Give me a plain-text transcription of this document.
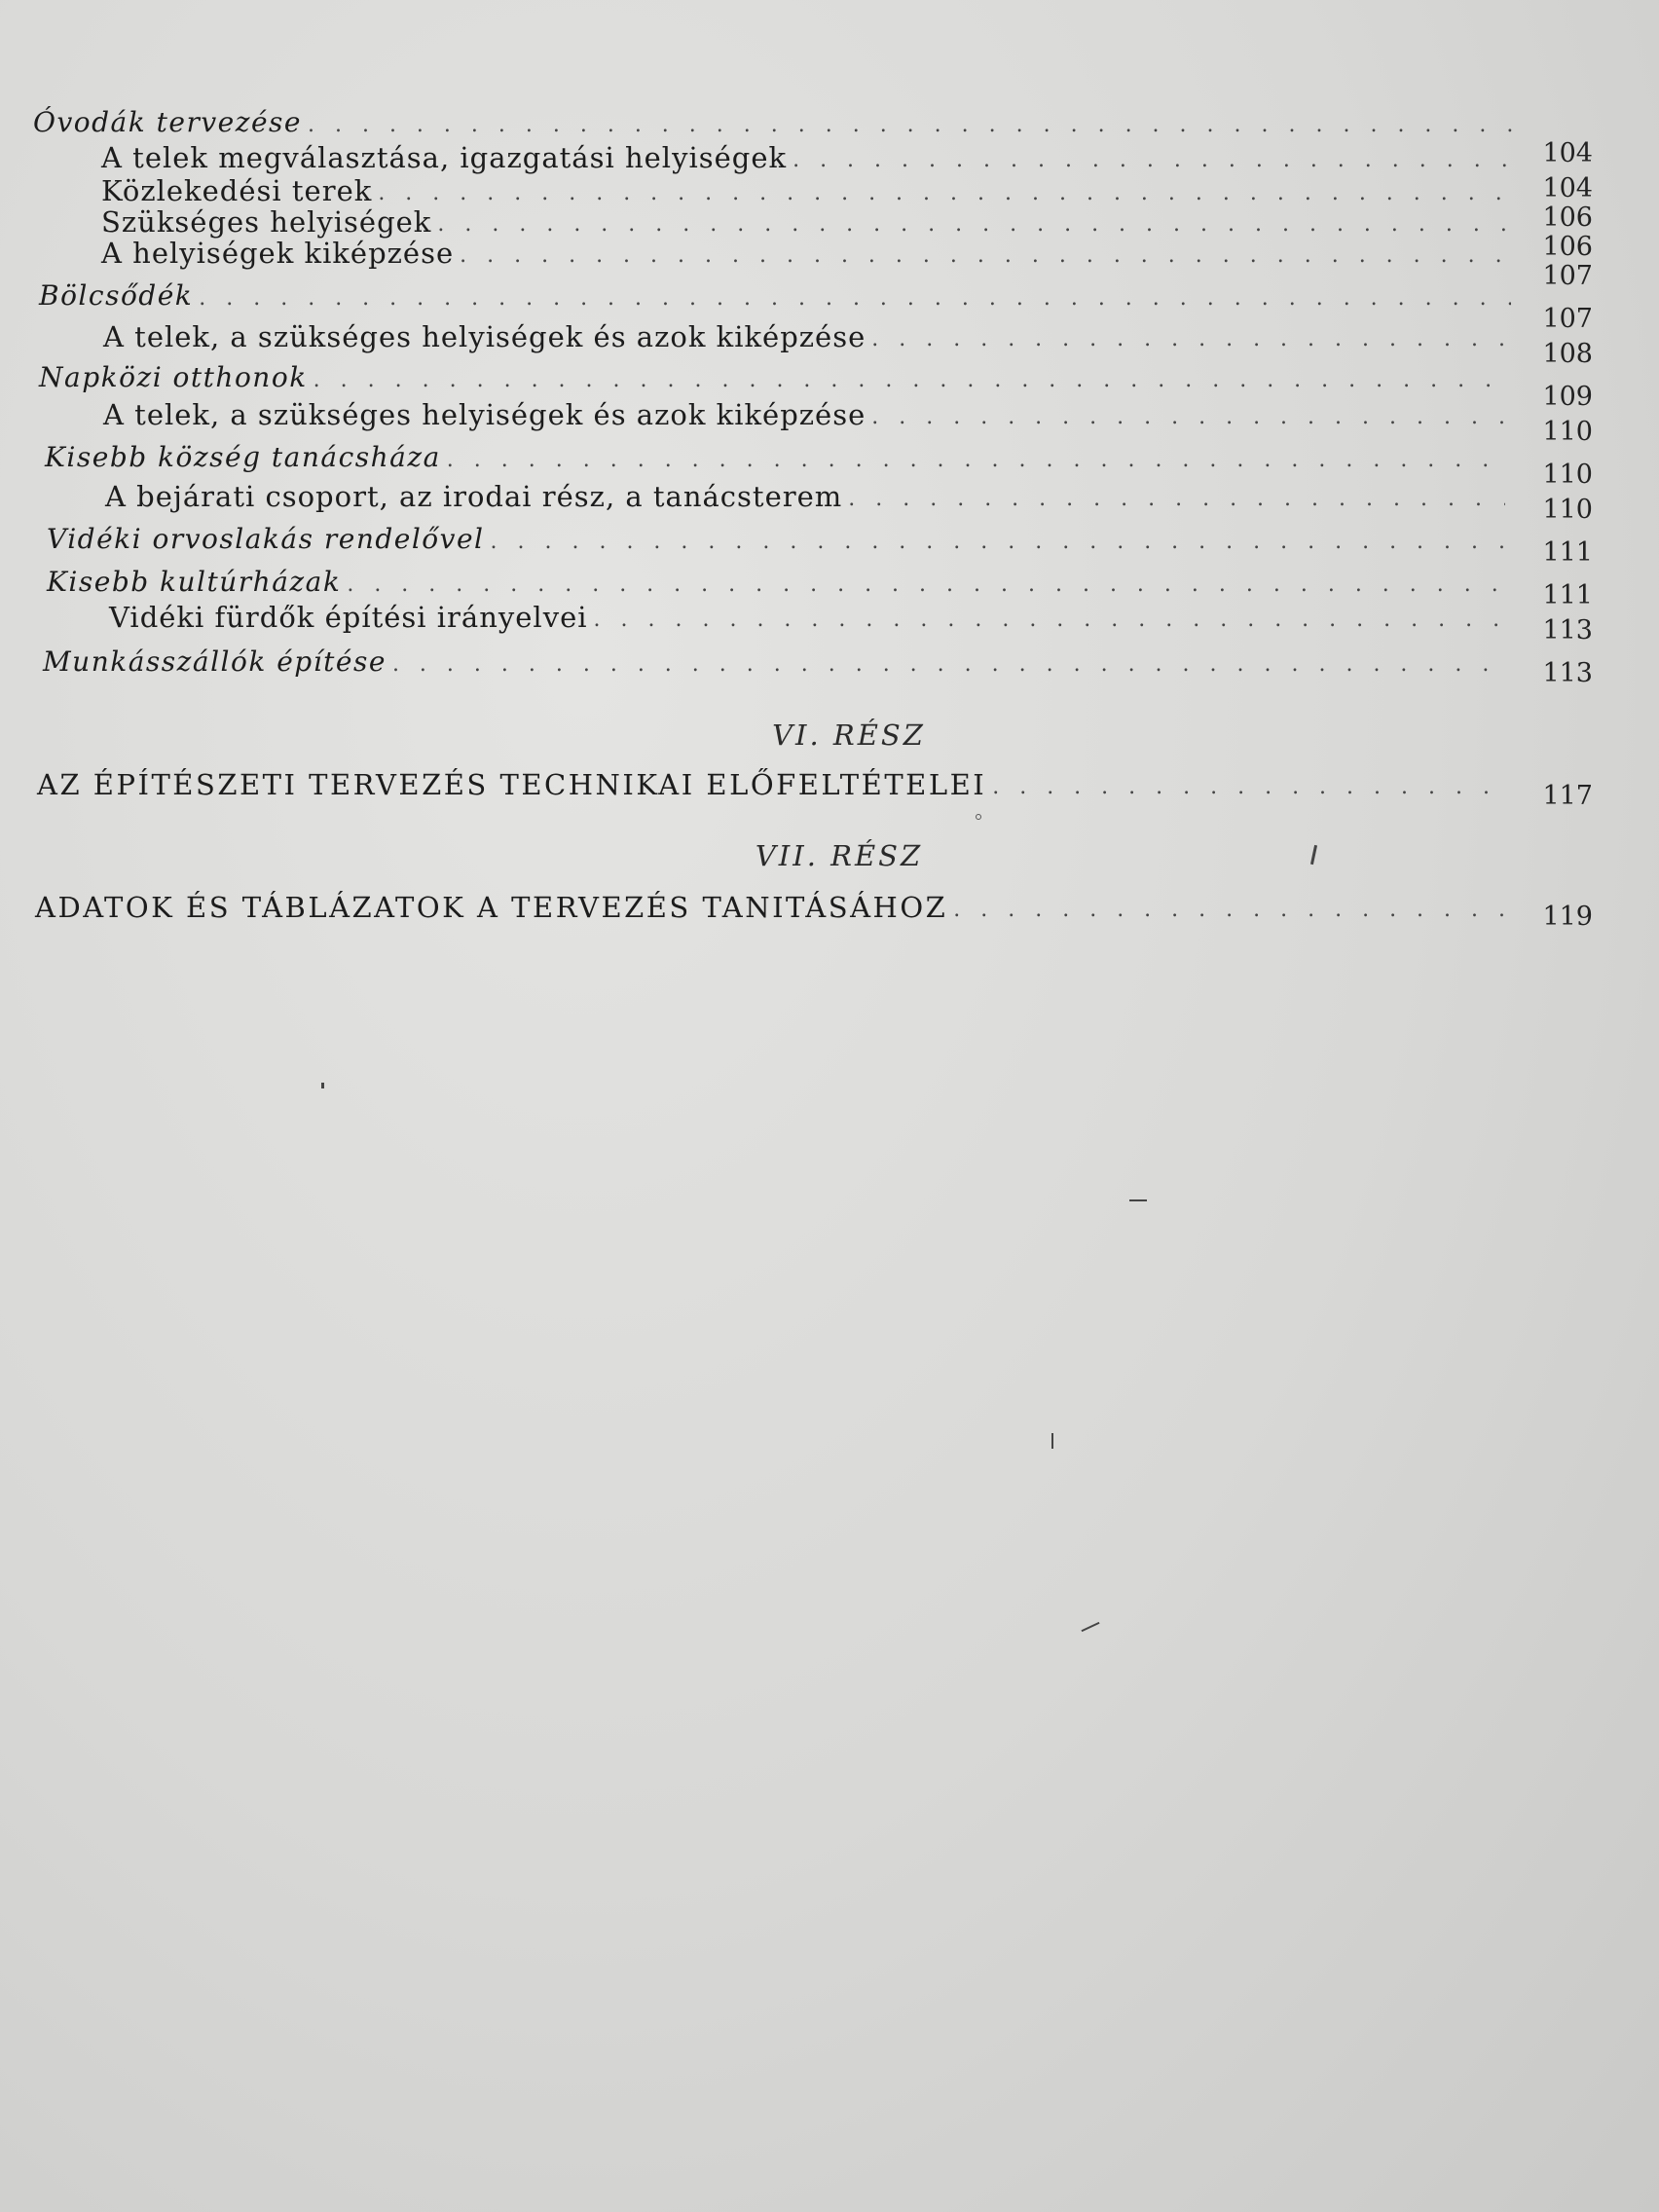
Óvodák tervezése
. . .
A telek megválasztása, igazgatási helyiségek
. . .
Közlekedési terek
. . .
Szükséges helyiségek
. . .
A helyiségek kiképzése
. . .
Bölcsődék
. . .
A telek, a szükséges helyiségek és azok kiképzése
. . .
Napközi otthonok
. . .
A telek, a szükséges helyiségek és azok kiképzése
. . .
Kisebb község tanácsháza
. . .
A bejárati csoport, az irodai rész, a tanácsterem
. . .
Vidéki orvoslakás rendelővel
. . .
Kisebb kultúrházak
. . .
Vidéki fürdők építési irányelvei
. . .
Munkásszállók építése
. . .
104
104
106
106
107
107
108
109
110
110
110
111
111
113
113
VI. RÉSZ
AZ ÉPÍTÉSZETI TERVEZÉS TECHNIKAI ELŐFELTÉTELEI . . .	117
VII. RÉSZ
ADATOK ÉS TÁBLÁZATOK A TERVEZÉS TANITÁSÁHOZ . . .	119
